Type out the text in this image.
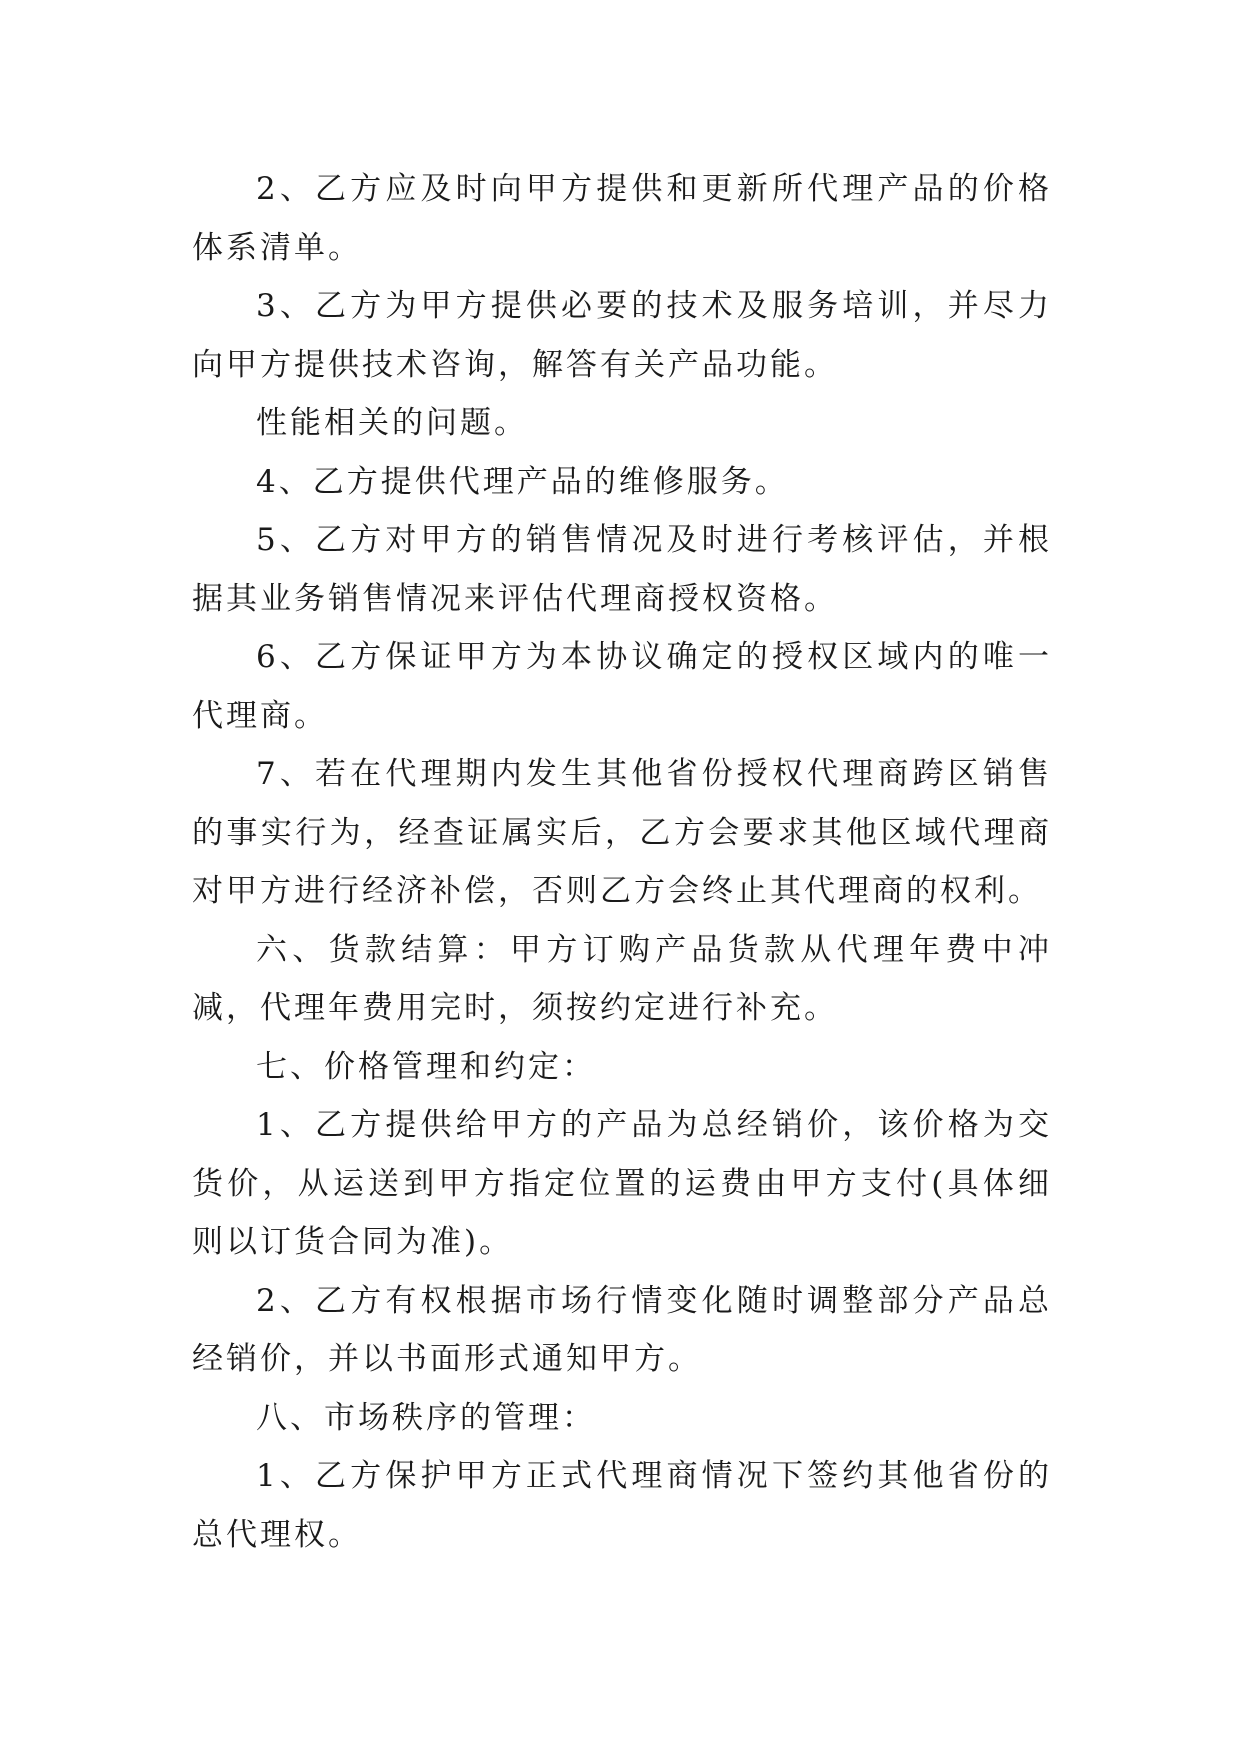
2、乙方应及时向甲方提供和更新所代理产品的价格体系清单。

3、乙方为甲方提供必要的技术及服务培训，并尽力向甲方提供技术咨询，解答有关产品功能。

性能相关的问题。

4、乙方提供代理产品的维修服务。

5、乙方对甲方的销售情况及时进行考核评估，并根据其业务销售情况来评估代理商授权资格。

6、乙方保证甲方为本协议确定的授权区域内的唯一代理商。

7、若在代理期内发生其他省份授权代理商跨区销售的事实行为，经查证属实后，乙方会要求其他区域代理商对甲方进行经济补偿，否则乙方会终止其代理商的权利。

六、货款结算：甲方订购产品货款从代理年费中冲减，代理年费用完时，须按约定进行补充。

七、价格管理和约定：

1、乙方提供给甲方的产品为总经销价，该价格为交货价，从运送到甲方指定位置的运费由甲方支付(具体细则以订货合同为准)。

2、乙方有权根据市场行情变化随时调整部分产品总经销价，并以书面形式通知甲方。

八、市场秩序的管理：

1、乙方保护甲方正式代理商情况下签约其他省份的总代理权。
